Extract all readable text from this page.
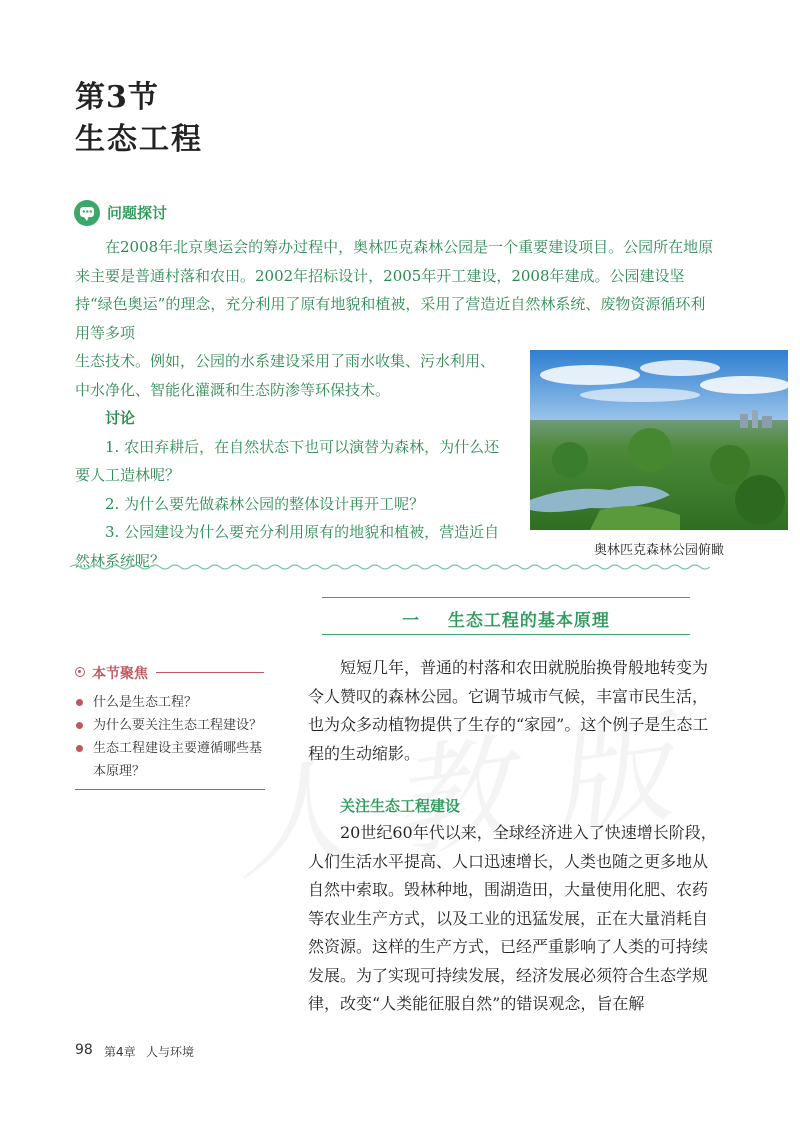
第3节
生态工程
问题探讨

在2008年北京奥运会的筹办过程中，奥林匹克森林公园是一个重要建设项目。公园所在地原来主要是普通村落和农田。2002年招标设计，2005年开工建设，2008年建成。公园建设坚持“绿色奥运”的理念，充分利用了原有地貌和植被，采用了营造近自然林系统、废物资源循环利用等多项

生态技术。例如，公园的水系建设采用了雨水收集、污水利用、中水净化、智能化灌溉和生态防渗等环保技术。

讨论

1. 农田弃耕后，在自然状态下也可以演替为森林，为什么还要人工造林呢？

2. 为什么要先做森林公园的整体设计再开工呢？

3. 公园建设为什么要充分利用原有的地貌和植被，营造近自然林系统呢？

奥林匹克森林公园俯瞰
一 生态工程的基本原理
本节聚焦
什么是生态工程？
为什么要关注生态工程建设？
生态工程建设主要遵循哪些基本原理？

短短几年，普通的村落和农田就脱胎换骨般地转变为令人赞叹的森林公园。它调节城市气候，丰富市民生活，也为众多动植物提供了生存的“家园”。这个例子是生态工程的生动缩影。

关注生态工程建设

20世纪60年代以来，全球经济进入了快速增长阶段，人们生活水平提高、人口迅速增长，人类也随之更多地从自然中索取。毁林种地，围湖造田，大量使用化肥、农药等农业生产方式，以及工业的迅猛发展，正在大量消耗自然资源。这样的生产方式，已经严重影响了人类的可持续发展。为了实现可持续发展，经济发展必须符合生态学规律，改变“人类能征服自然”的错误观念，旨在解

98 第4章 人与环境
